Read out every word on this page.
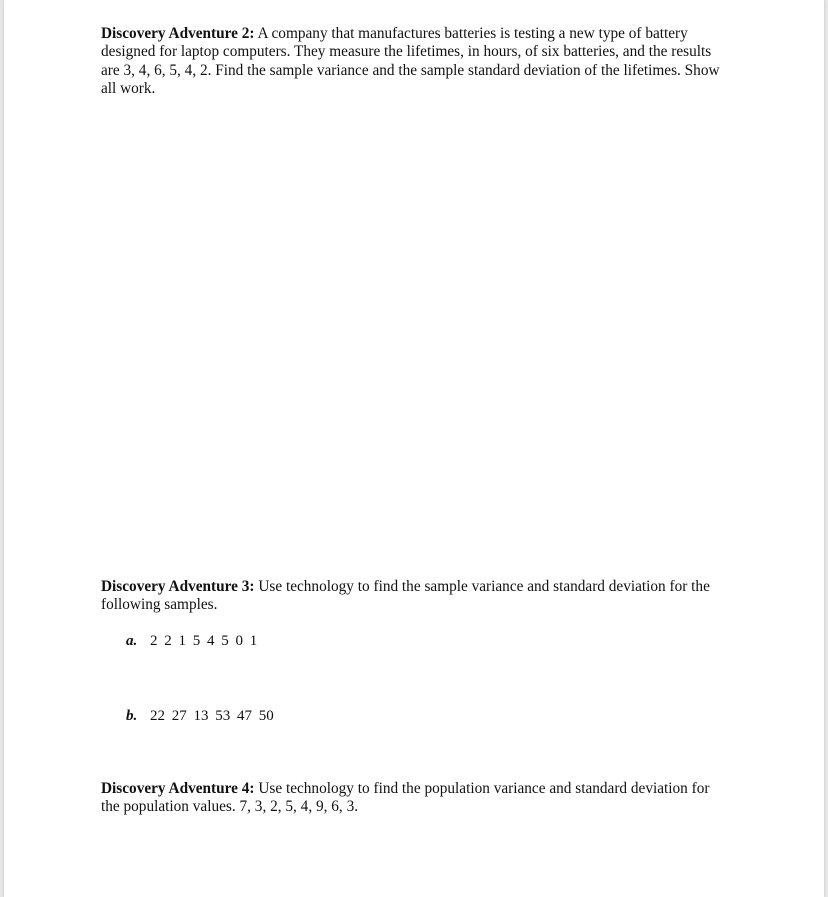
Discovery Adventure 2: A company that manufactures batteries is testing a new type of battery designed for laptop computers. They measure the lifetimes, in hours, of six batteries, and the results are 3, 4, 6, 5, 4, 2. Find the sample variance and the sample standard deviation of the lifetimes. Show all work.
Discovery Adventure 3: Use technology to find the sample variance and standard deviation for the following samples.
a. 2 2 1 5 4 5 0 1
b. 22 27 13 53 47 50
Discovery Adventure 4: Use technology to find the population variance and standard deviation for the population values. 7, 3, 2, 5, 4, 9, 6, 3.
